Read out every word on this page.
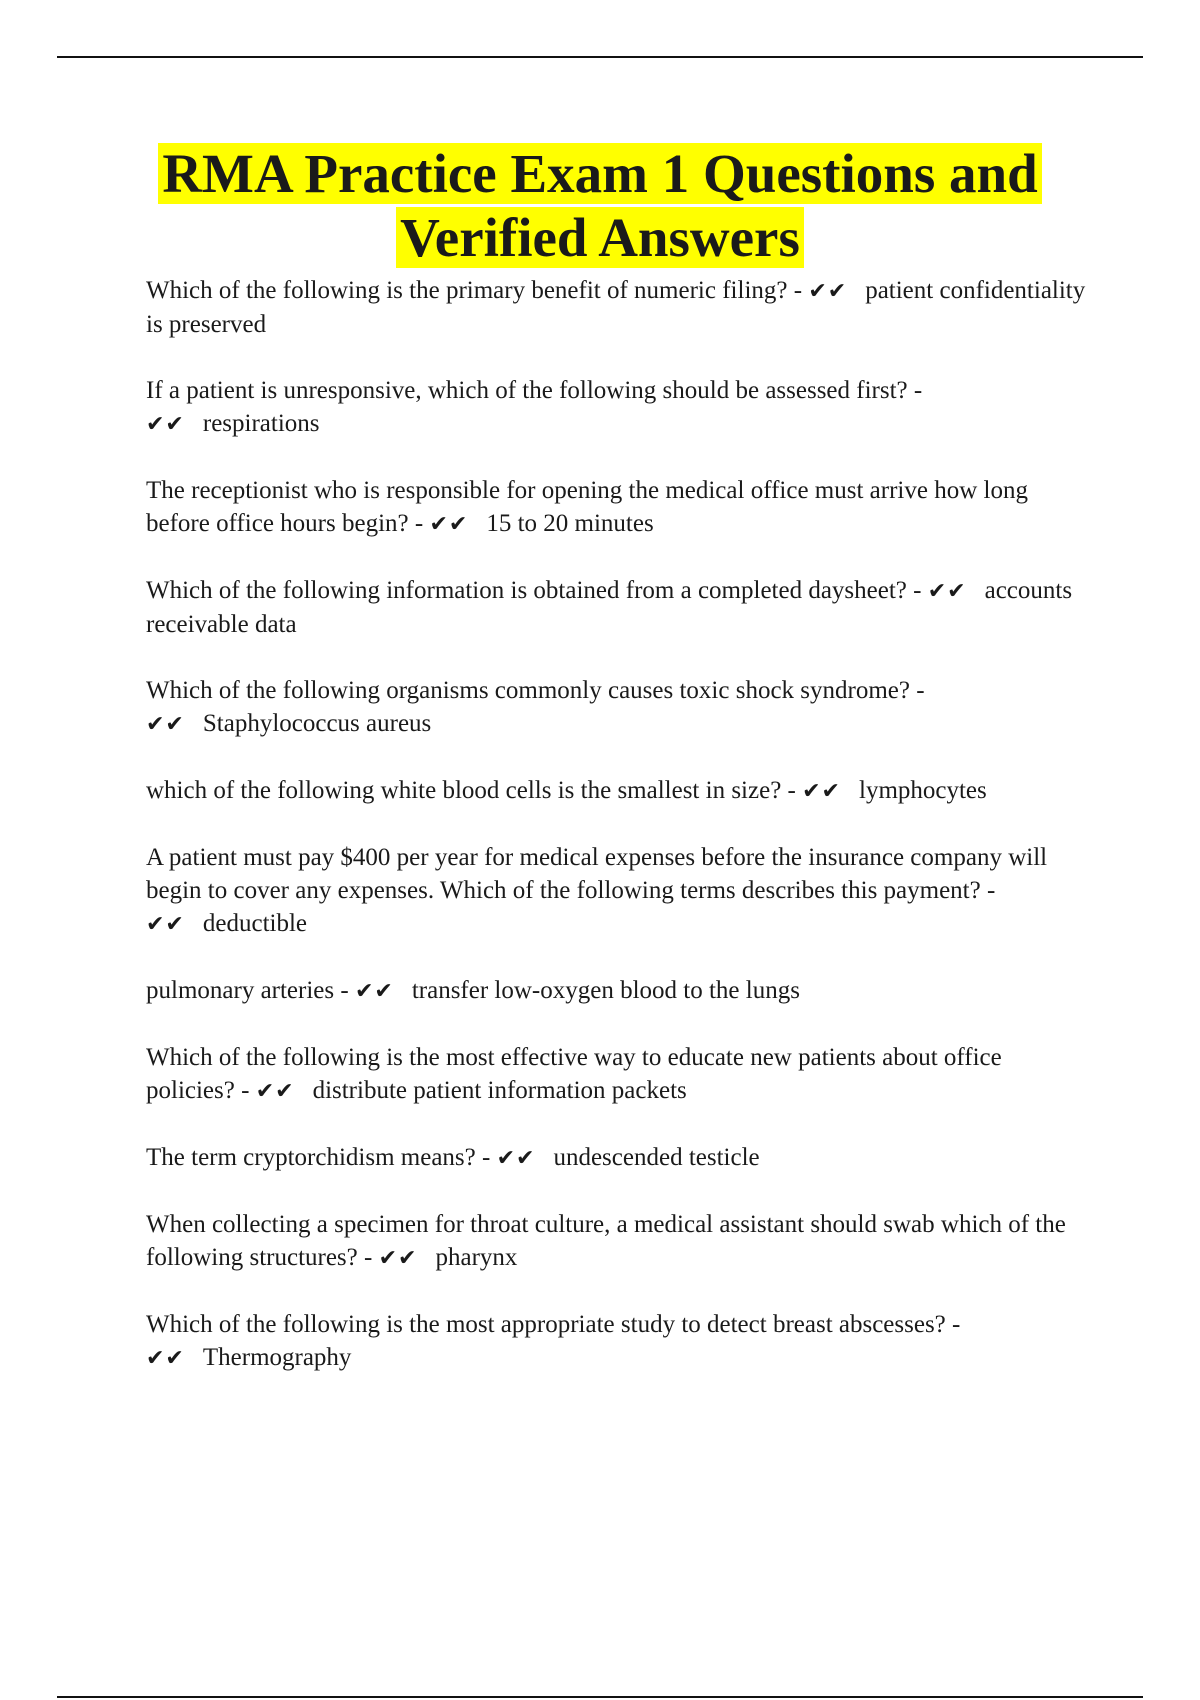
RMA Practice Exam 1 Questions and Verified Answers
Which of the following is the primary benefit of numeric filing? - ✔✔ patient confidentiality is preserved
If a patient is unresponsive, which of the following should be assessed first? - ✔✔ respirations
The receptionist who is responsible for opening the medical office must arrive how long before office hours begin? - ✔✔ 15 to 20 minutes
Which of the following information is obtained from a completed daysheet? - ✔✔ accounts receivable data
Which of the following organisms commonly causes toxic shock syndrome? - ✔✔ Staphylococcus aureus
which of the following white blood cells is the smallest in size? - ✔✔ lymphocytes
A patient must pay $400 per year for medical expenses before the insurance company will begin to cover any expenses. Which of the following terms describes this payment? - ✔✔ deductible
pulmonary arteries - ✔✔ transfer low-oxygen blood to the lungs
Which of the following is the most effective way to educate new patients about office policies? - ✔✔ distribute patient information packets
The term cryptorchidism means? - ✔✔ undescended testicle
When collecting a specimen for throat culture, a medical assistant should swab which of the following structures? - ✔✔ pharynx
Which of the following is the most appropriate study to detect breast abscesses? - ✔✔ Thermography
